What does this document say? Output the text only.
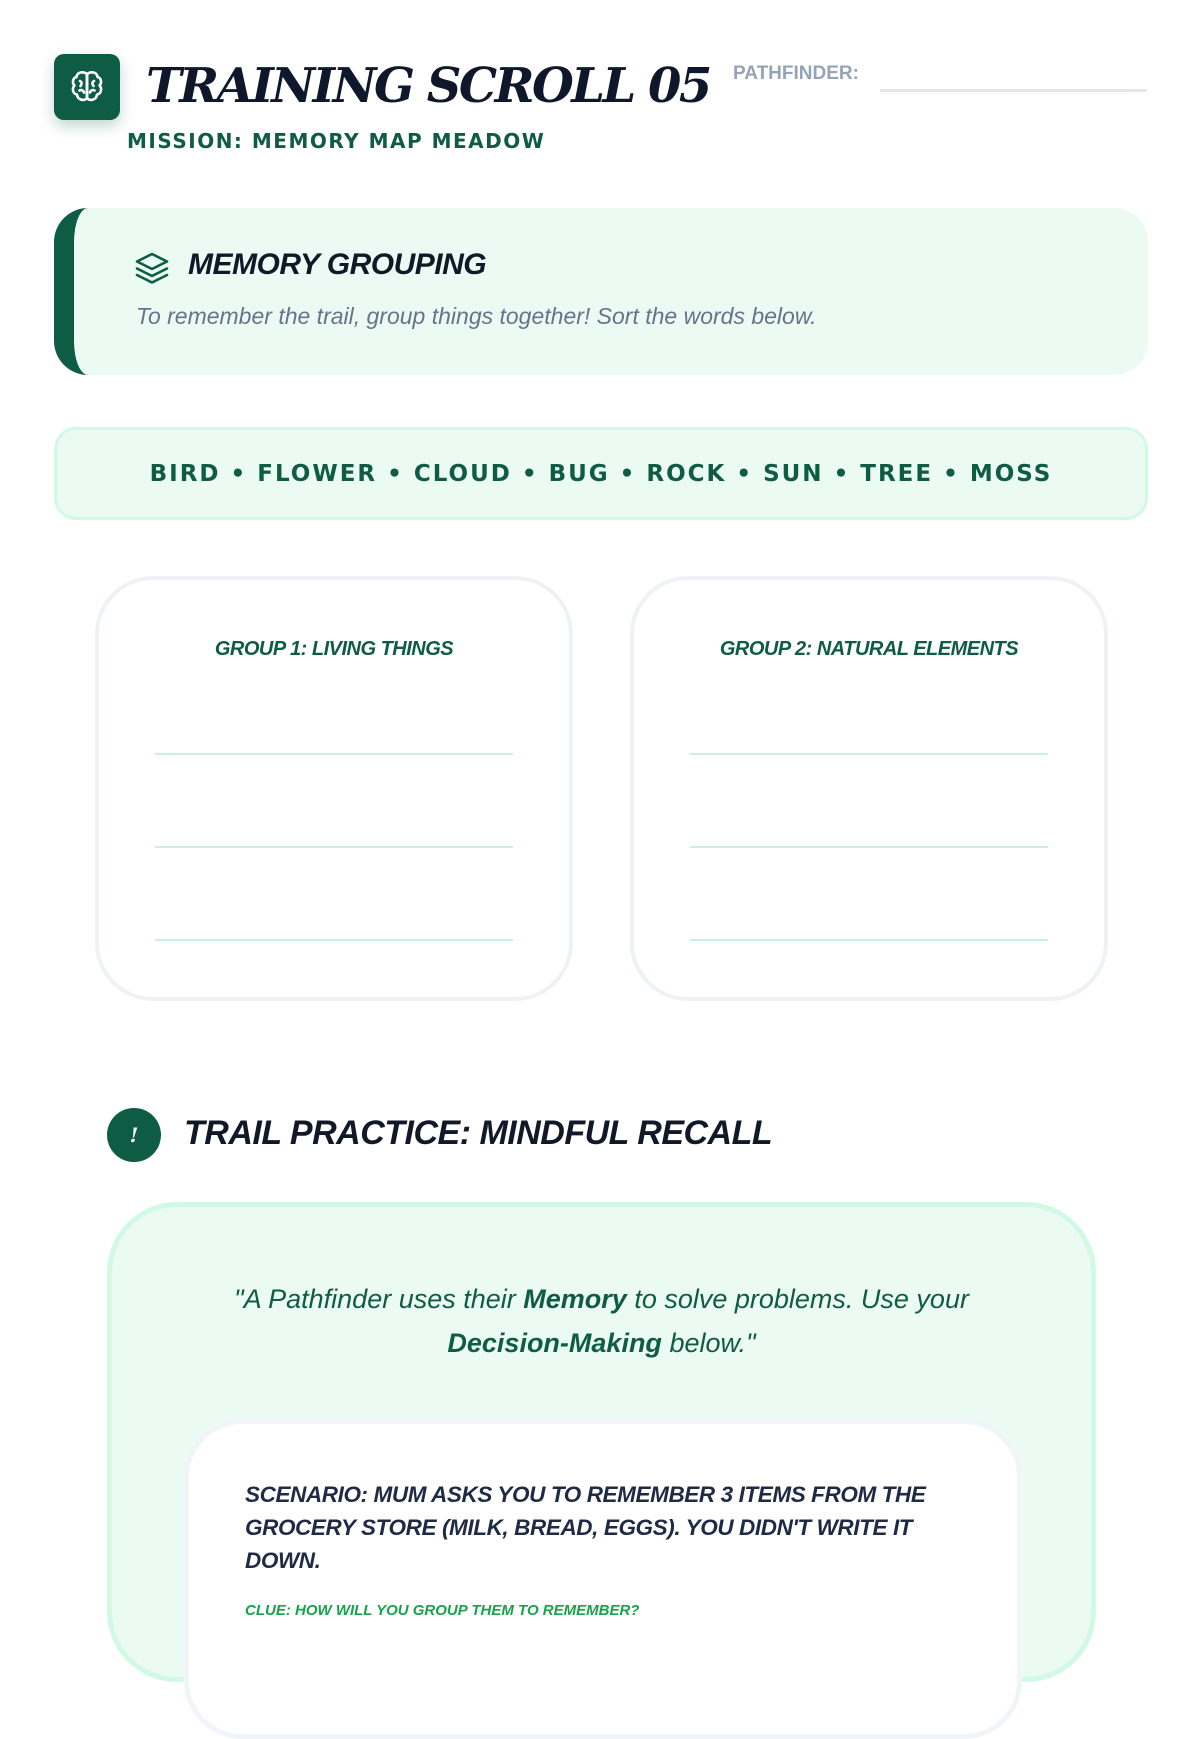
TRAINING SCROLL 05
MISSION: MEMORY MAP MEADOW
PATHFINDER:
MEMORY GROUPING
To remember the trail, group things together! Sort the words below.
BIRD • FLOWER • CLOUD • BUG • ROCK • SUN • TREE • MOSS
GROUP 1: LIVING THINGS	GROUP 2: NATURAL ELEMENTS
!	TRAIL PRACTICE: MINDFUL RECALL
"A Pathfinder uses their Memory to solve problems. Use your
Decision-Making below."
SCENARIO: MUM ASKS YOU TO REMEMBER 3 ITEMS FROM THE GROCERY STORE (MILK, BREAD, EGGS). YOU DIDN'T WRITE IT DOWN.
CLUE: HOW WILL YOU GROUP THEM TO REMEMBER?
